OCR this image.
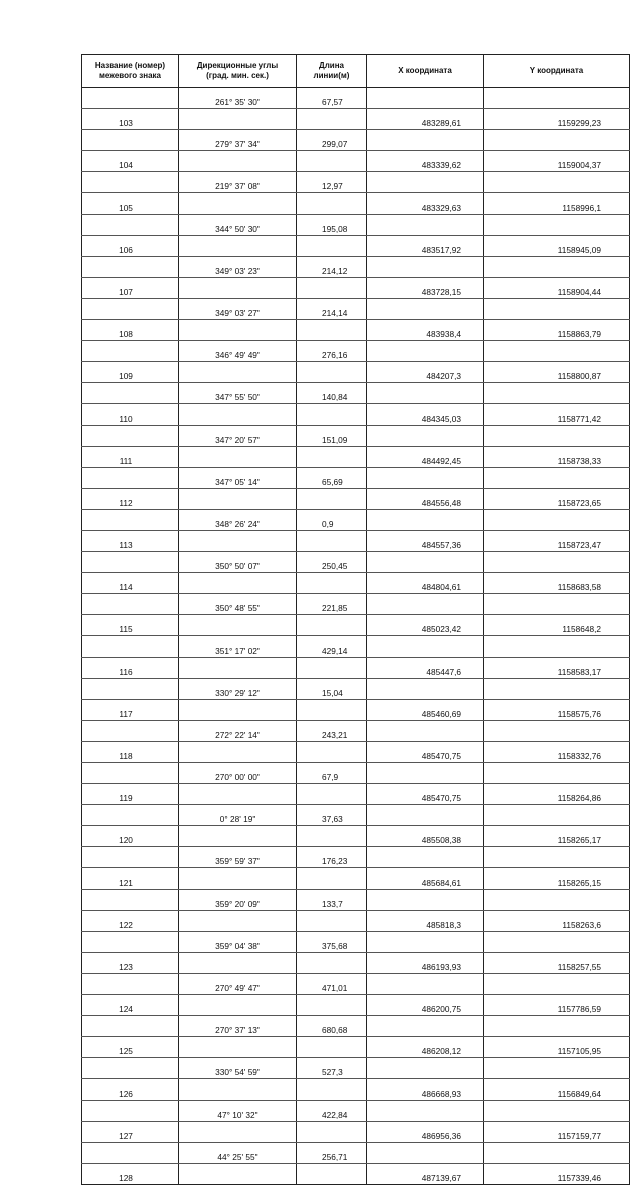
Название (номер)
межевого знака	Дирекционные углы
(град. мин. сек.)	Длина
линии(м)	X координата	Y координата
	261° 35' 30"	67,57		
103			483289,61	1159299,23
	279° 37' 34"	299,07		
104			483339,62	1159004,37
	219° 37' 08"	12,97		
105			483329,63	1158996,1
	344° 50' 30"	195,08		
106			483517,92	1158945,09
	349° 03' 23"	214,12		
107			483728,15	1158904,44
	349° 03' 27"	214,14		
108			483938,4	1158863,79
	346° 49' 49"	276,16		
109			484207,3	1158800,87
	347° 55' 50"	140,84		
110			484345,03	1158771,42
	347° 20' 57"	151,09		
111			484492,45	1158738,33
	347° 05' 14"	65,69		
112			484556,48	1158723,65
	348° 26' 24"	0,9		
113			484557,36	1158723,47
	350° 50' 07"	250,45		
114			484804,61	1158683,58
	350° 48' 55"	221,85		
115			485023,42	1158648,2
	351° 17' 02"	429,14		
116			485447,6	1158583,17
	330° 29' 12"	15,04		
117			485460,69	1158575,76
	272° 22' 14"	243,21		
118			485470,75	1158332,76
	270° 00' 00"	67,9		
119			485470,75	1158264,86
	0° 28' 19"	37,63		
120			485508,38	1158265,17
	359° 59' 37"	176,23		
121			485684,61	1158265,15
	359° 20' 09"	133,7		
122			485818,3	1158263,6
	359° 04' 38"	375,68		
123			486193,93	1158257,55
	270° 49' 47"	471,01		
124			486200,75	1157786,59
	270° 37' 13"	680,68		
125			486208,12	1157105,95
	330° 54' 59"	527,3		
126			486668,93	1156849,64
	47° 10' 32"	422,84		
127			486956,36	1157159,77
	44° 25' 55"	256,71		
128			487139,67	1157339,46
